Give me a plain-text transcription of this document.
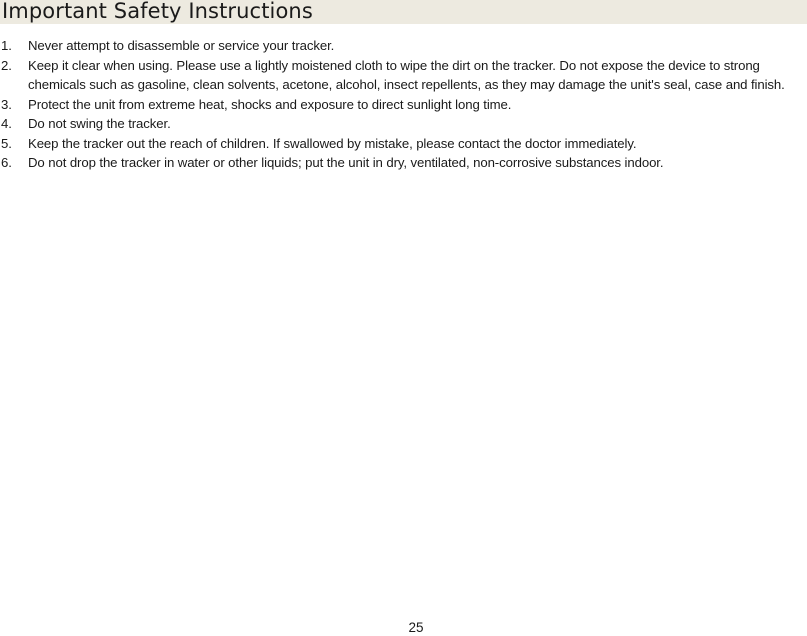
Important Safety Instructions
1. Never attempt to disassemble or service your tracker.
2. Keep it clear when using. Please use a lightly moistened cloth to wipe the dirt on the tracker. Do not expose the device to strong chemicals such as gasoline, clean solvents, acetone, alcohol, insect repellents, as they may damage the unit's seal, case and finish.
3. Protect the unit from extreme heat, shocks and exposure to direct sunlight long time.
4. Do not swing the tracker.
5. Keep the tracker out the reach of children. If swallowed by mistake, please contact the doctor immediately.
6. Do not drop the tracker in water or other liquids; put the unit in dry, ventilated, non-corrosive substances indoor.
25
